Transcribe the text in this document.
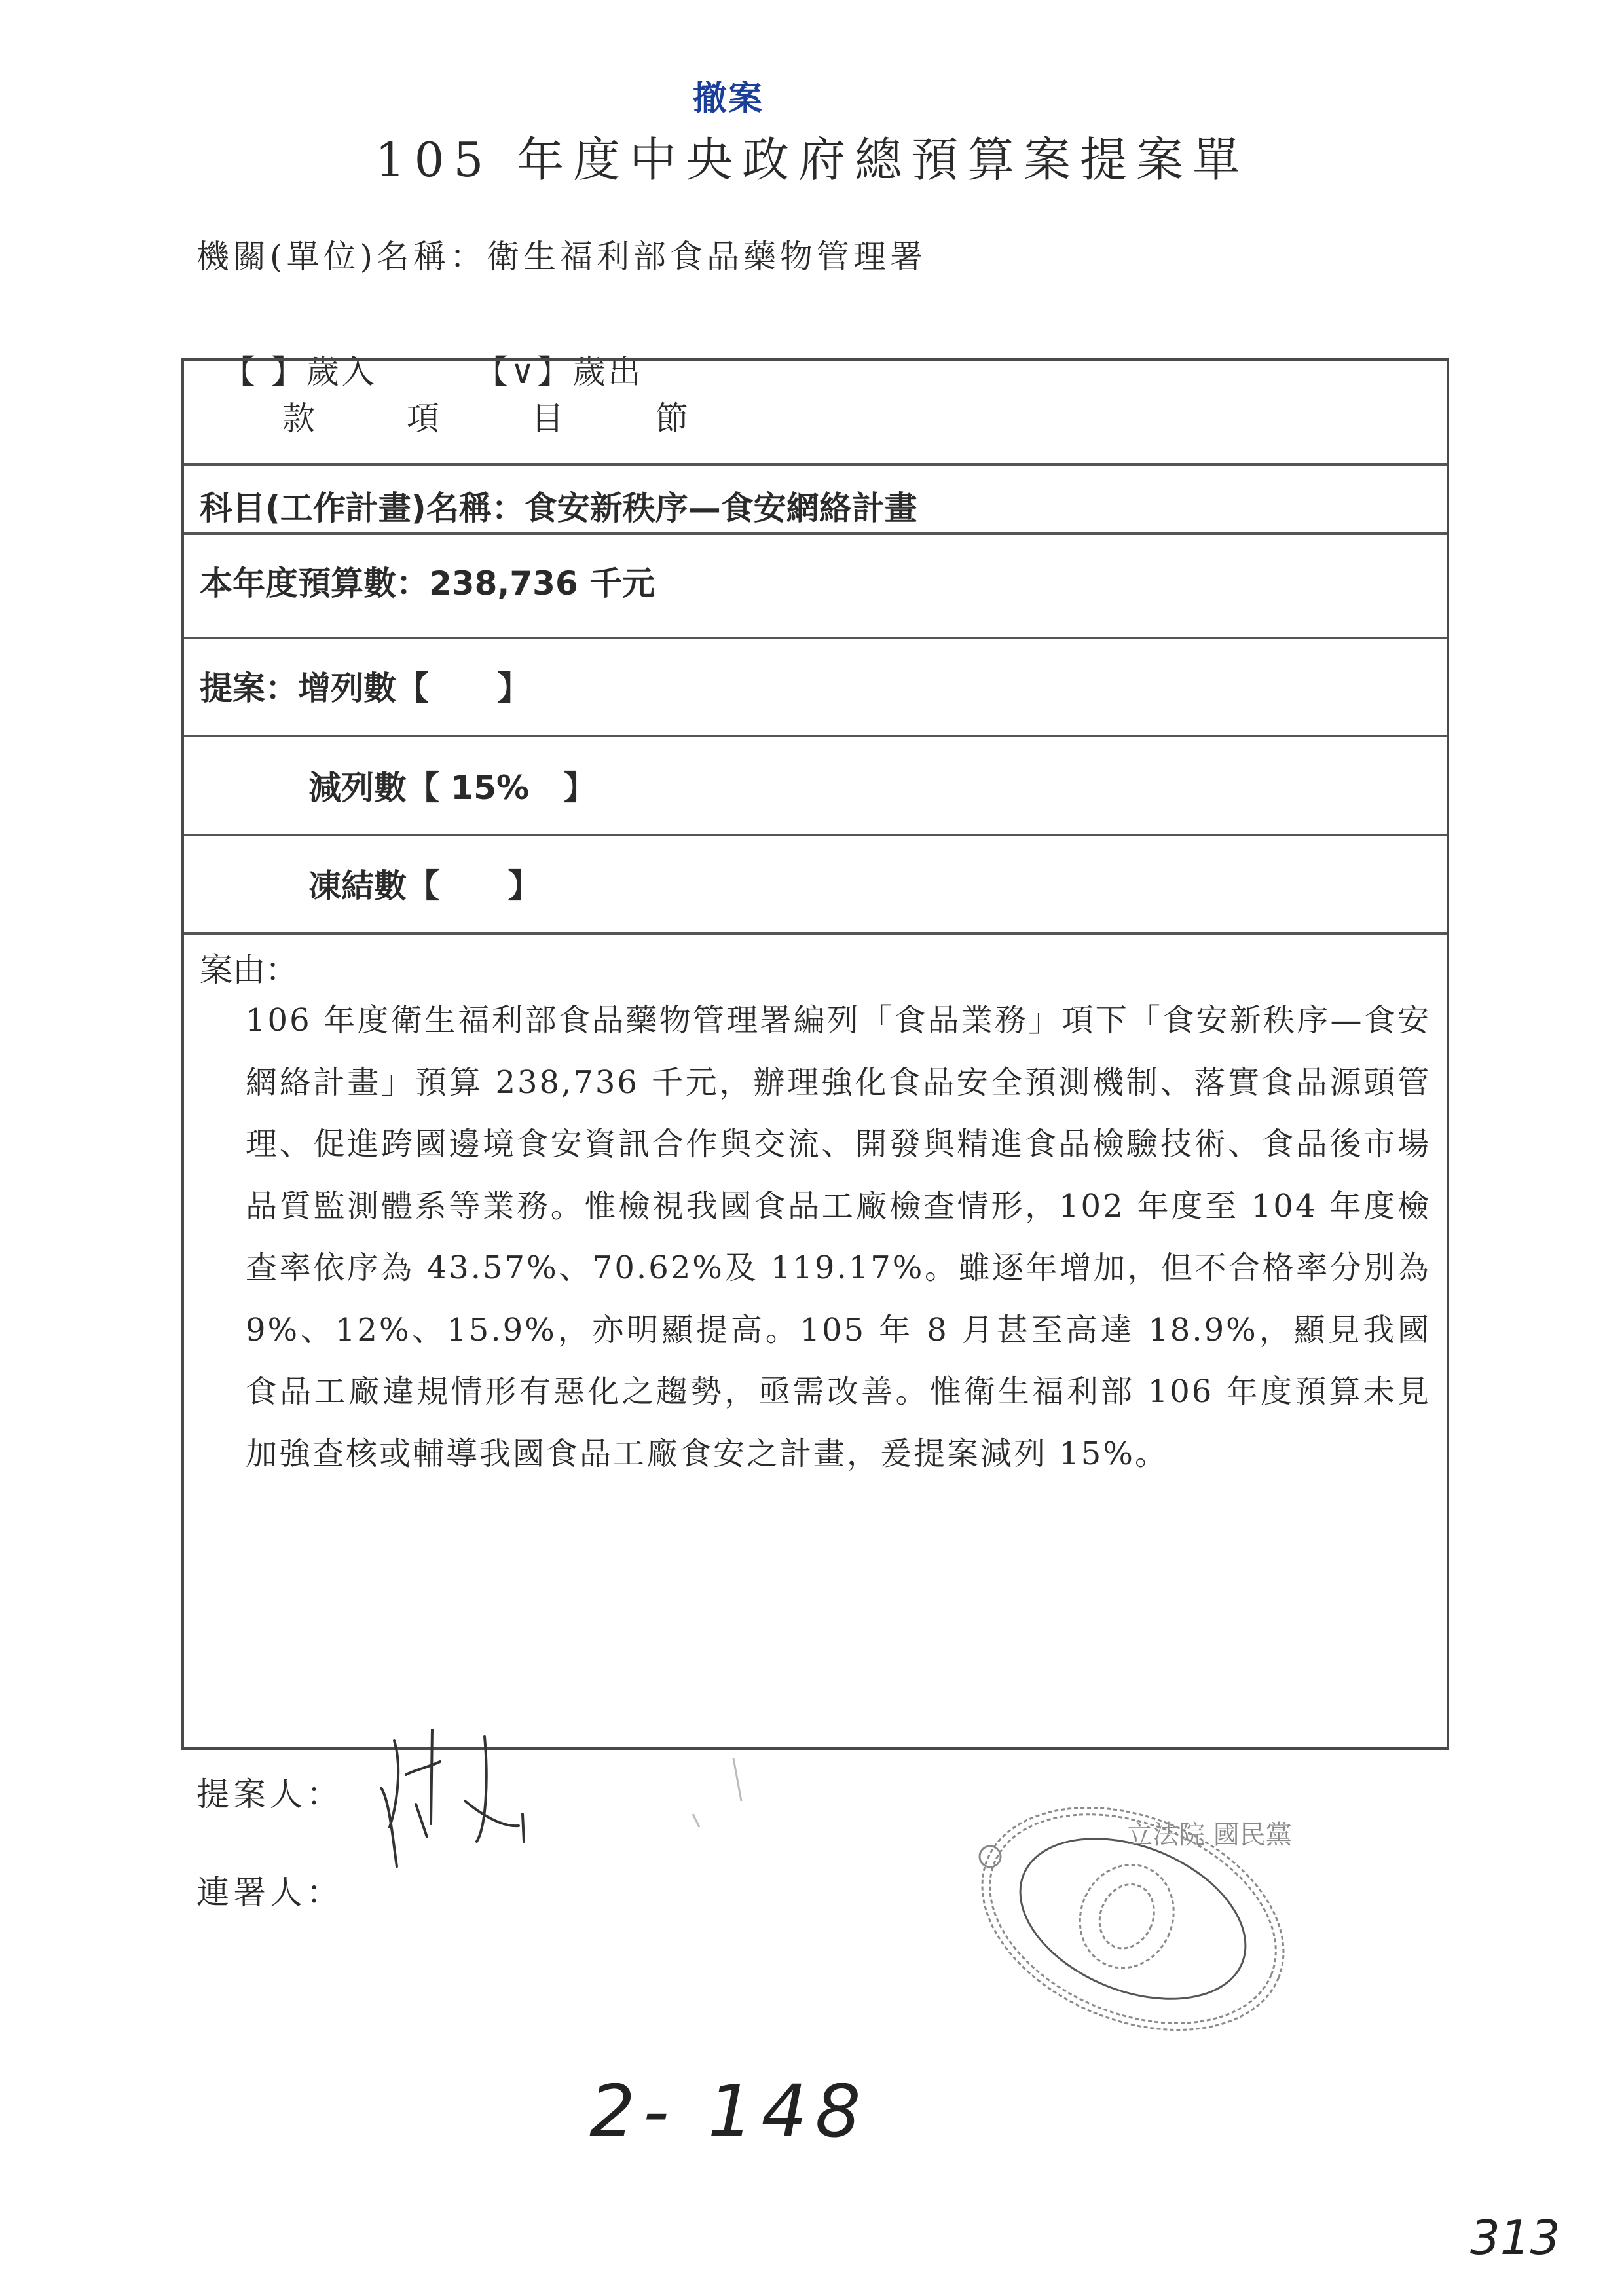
撤案
105 年度中央政府總預算案提案單
機關(單位)名稱：衛生福利部食品藥物管理署

【 】歲入	【∨】歲出

款	項	目	節
科目(工作計畫)名稱：食安新秩序—食安網絡計畫
本年度預算數：238,736 千元
提案：增列數【      】
減列數【 15%   】
凍結數【      】
案由：
106 年度衛生福利部食品藥物管理署編列「食品業務」項下「食安新秩序—食安網絡計畫」預算 238,736 千元，辦理強化食品安全預測機制、落實食品源頭管理、促進跨國邊境食安資訊合作與交流、開發與精進食品檢驗技術、食品後市場品質監測體系等業務。惟檢視我國食品工廠檢查情形，102 年度至 104 年度檢查率依序為 43.57%、70.62%及 119.17%。雖逐年增加，但不合格率分別為 9%、12%、15.9%，亦明顯提高。105 年 8 月甚至高達 18.9%，顯見我國食品工廠違規情形有惡化之趨勢，亟需改善。惟衛生福利部 106 年度預算未見加強查核或輔導我國食品工廠食安之計畫，爰提案減列 15%。
提案人：
連署人：
立法院 國民黨
2- 148
313
